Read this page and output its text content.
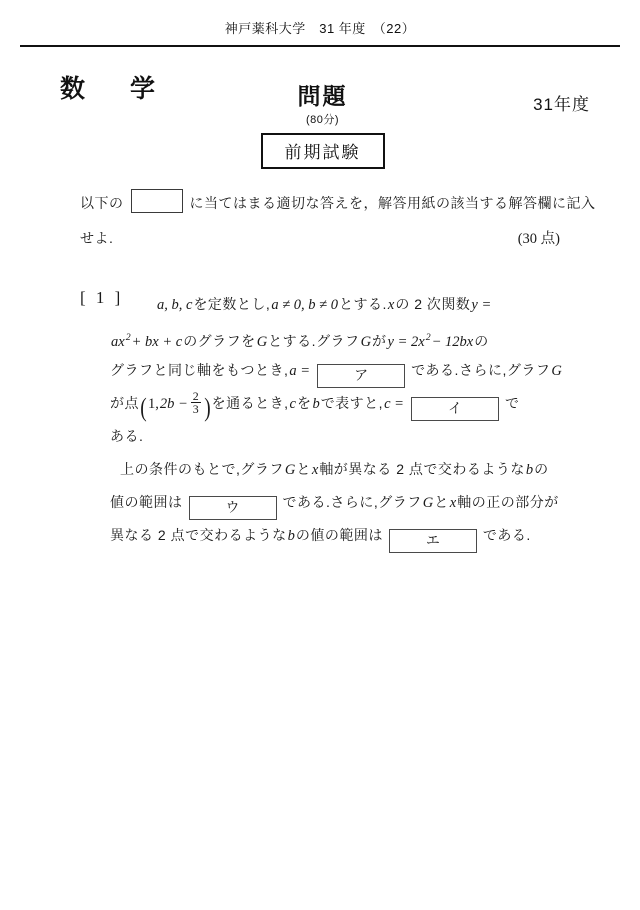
神戸薬科大学　31 年度　（22）
数　学	問題
(80分)
前期試験
31年度
以下の	に当てはまる適切な答えを，解答用紙の該当する解答欄に記入
せよ.	(30 点)
[ 1 ]	a, b, cを定数とし,a ≠ 0, b ≠ 0とする.xの 2 次関数y =
$ax^2+$ bx + cのグラフをGとする.グラフGが$y = 2x^2- 12bx$の
グラフと同じ軸をもつとき,a =	ア	である.さらに,グラフG
が点($1,2b - \frac{2}{3}$ )を通るとき,cをbで表すと,c =	イ	で
ある.
上の条件のもとで,グラフGとx軸が異なる 2 点で交わるようなbの
値の範囲は	ウ	である.さらに,グラフGとx軸の正の部分が
異なる 2 点で交わるようなbの値の範囲は	エ	である.
